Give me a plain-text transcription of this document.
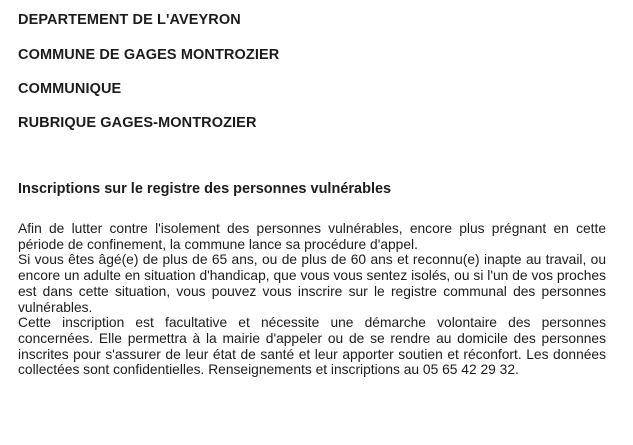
DEPARTEMENT DE L'AVEYRON
COMMUNE DE GAGES MONTROZIER
COMMUNIQUE
RUBRIQUE GAGES-MONTROZIER
Inscriptions sur le registre des personnes vulnérables

Afin de lutter contre l'isolement des personnes vulnérables, encore plus prégnant en cette période de confinement, la commune lance sa procédure d'appel.

Si vous êtes âgé(e) de plus de 65 ans, ou de plus de 60 ans et reconnu(e) inapte au travail, ou encore un adulte en situation d'handicap, que vous vous sentez isolés, ou si l'un de vos proches est dans cette situation, vous pouvez vous inscrire sur le registre communal des personnes vulnérables.

Cette inscription est facultative et nécessite une démarche volontaire des personnes concernées. Elle permettra à la mairie d'appeler ou de se rendre au domicile des personnes inscrites pour s'assurer de leur état de santé et leur apporter soutien et réconfort. Les données collectées sont confidentielles. Renseignements et inscriptions au 05 65 42 29 32.
